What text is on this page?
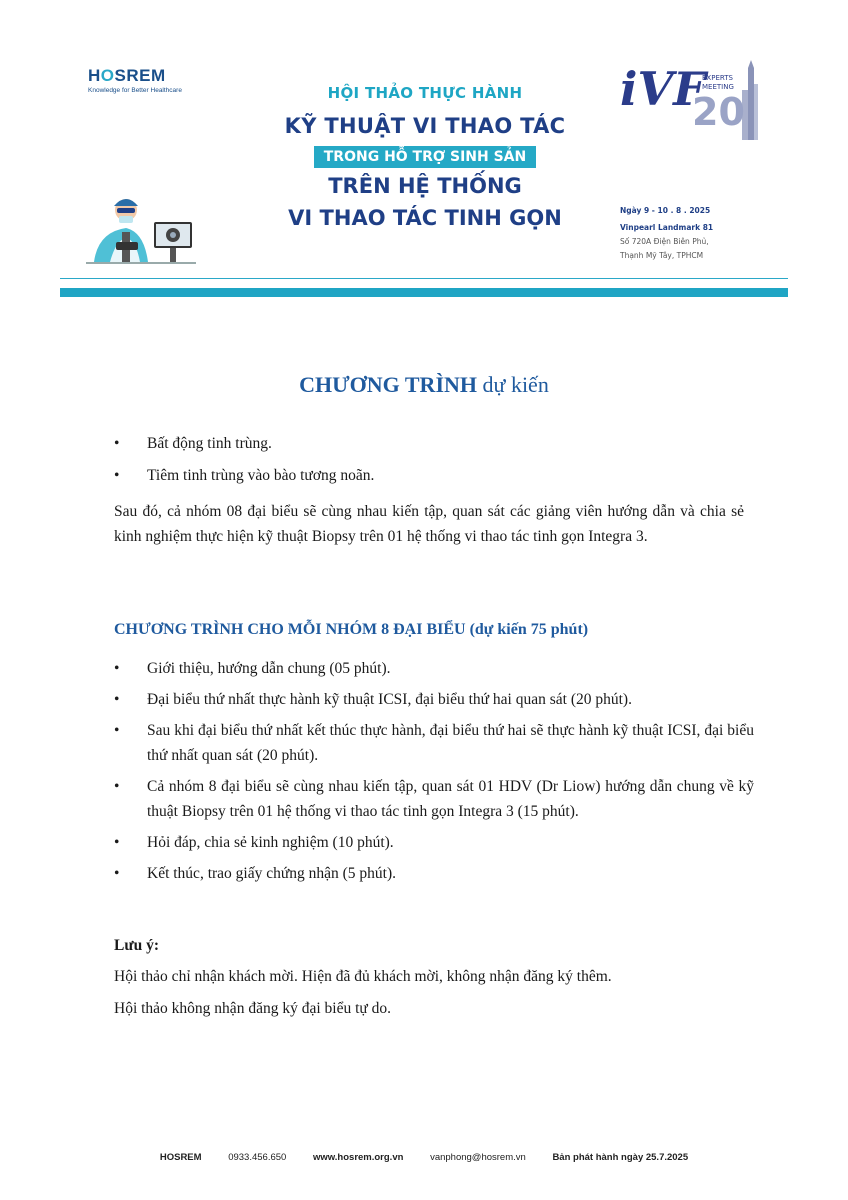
HOSREM
Knowledge for Better Healthcare	HỘI THẢO THỰC HÀNH
KỸ THUẬT VI THAO TÁC
TRONG HỖ TRỢ SINH SẢN
TRÊN HỆ THỐNG
VI THAO TÁC TINH GỌN
iVF
EXPERTS
MEETING
20
Ngày 9 - 10 . 8 . 2025
Vinpearl Landmark 81
Số 720A Điện Biên Phủ,
Thạnh Mỹ Tây, TPHCM
CHƯƠNG TRÌNH dự kiến
• Bất động tinh trùng.
• Tiêm tinh trùng vào bào tương noãn.
Sau đó, cả nhóm 08 đại biểu sẽ cùng nhau kiến tập, quan sát các giảng viên hướng dẫn và chia sẻ kinh nghiệm thực hiện kỹ thuật Biopsy trên 01 hệ thống vi thao tác tinh gọn Integra 3.
CHƯƠNG TRÌNH CHO MỖI NHÓM 8 ĐẠI BIỂU (dự kiến 75 phút)
• Giới thiệu, hướng dẫn chung (05 phút).
• Đại biểu thứ nhất thực hành kỹ thuật ICSI, đại biểu thứ hai quan sát (20 phút).
• Sau khi đại biểu thứ nhất kết thúc thực hành, đại biểu thứ hai sẽ thực hành kỹ thuật ICSI, đại biểu thứ nhất quan sát (20 phút).
• Cả nhóm 8 đại biểu sẽ cùng nhau kiến tập, quan sát 01 HDV (Dr Liow) hướng dẫn chung về kỹ thuật Biopsy trên 01 hệ thống vi thao tác tinh gọn Integra 3 (15 phút).
• Hỏi đáp, chia sẻ kinh nghiệm (10 phút).
• Kết thúc, trao giấy chứng nhận (5 phút).
Lưu ý:
Hội thảo chỉ nhận khách mời. Hiện đã đủ khách mời, không nhận đăng ký thêm.
Hội thảo không nhận đăng ký đại biểu tự do.
HOSREM	0933.456.650	www.hosrem.org.vn	vanphong@hosrem.vn	Bản phát hành ngày 25.7.2025
